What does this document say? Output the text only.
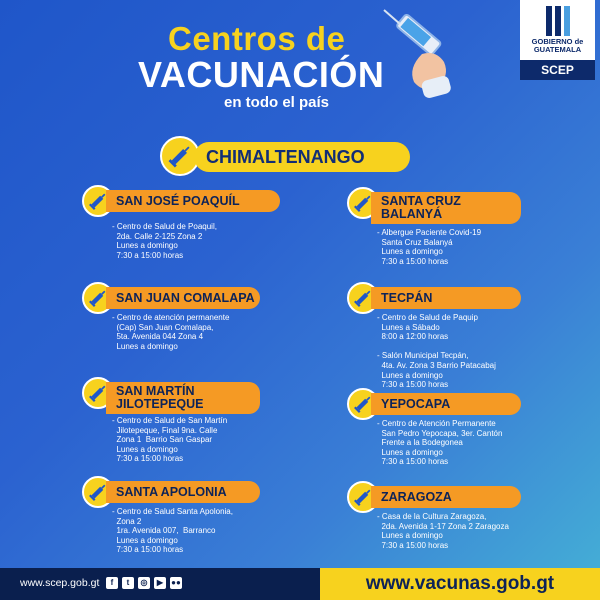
Centros de
VACUNACIÓN
en todo el país
GOBIERNO de GUATEMALA
SCEP
CHIMALTENANGO
SAN JOSÉ POAQUÍL
- Centro de Salud de Poaquil,
2da. Calle 2-125 Zona 2
Lunes a domingo
7:30 a 15:00 horas
SAN JUAN COMALAPA
- Centro de atención permanente
(Cap) San Juan Comalapa,
5ta. Avenida 044 Zona 4
Lunes a domingo
SAN MARTÍN JILOTEPEQUE
- Centro de Salud de San Martín
Jilotepeque, Final 9na. Calle
Zona 1  Barrio San Gaspar
Lunes a domingo
7:30 a 15:00 horas
SANTA APOLONIA
- Centro de Salud Santa Apolonia,
Zona 2
1ra. Avenida 007,  Barranco
Lunes a domingo
7:30 a 15:00 horas
SANTA CRUZ BALANYÁ
- Albergue Paciente Covid-19
Santa Cruz Balanyá
Lunes a domingo
7:30 a 15:00 horas
TECPÁN
- Centro de Salud de Paquip
Lunes a Sábado
8:00 a 12:00 horas

- Salón Municipal Tecpán,
4ta. Av. Zona 3 Barrio Patacabaj
Lunes a domingo
7:30 a 15:00 horas
YEPOCAPA
- Centro de Atención Permanente
San Pedro Yepocapa, 3er. Cantón
Frente a la Bodegonea
Lunes a domingo
7:30 a 15:00 horas
ZARAGOZA
- Casa de la Cultura Zaragoza,
2da. Avenida 1-17 Zona 2 Zaragoza
Lunes a domingo
7:30 a 15:00 horas
www.scep.gob.gt	f	t	◎	▶	●●	www.vacunas.gob.gt
